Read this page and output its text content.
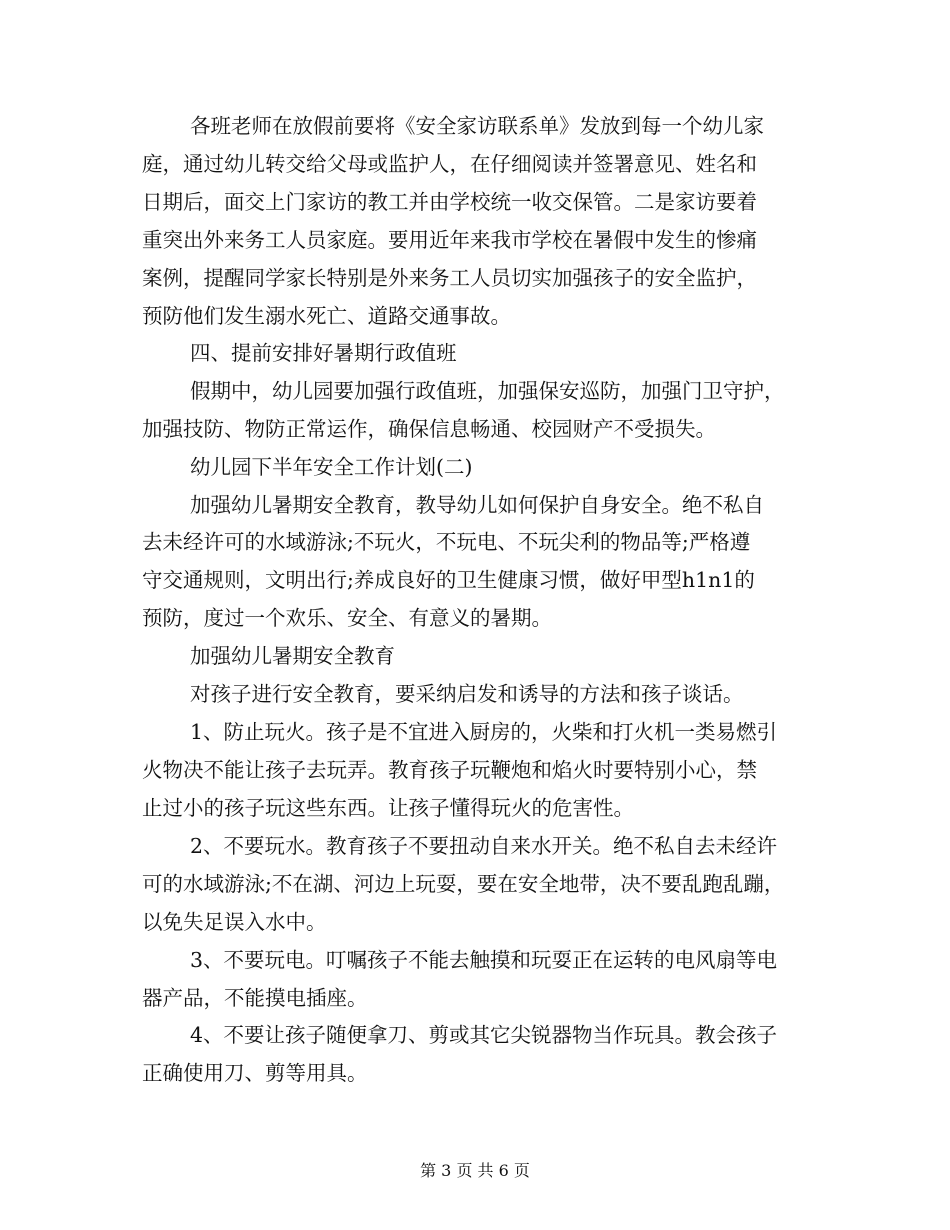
各班老师在放假前要将《安全家访联系单》发放到每一个幼儿家
庭，通过幼儿转交给父母或监护人，在仔细阅读并签署意见、姓名和
日期后，面交上门家访的教工并由学校统一收交保管。二是家访要着
重突出外来务工人员家庭。要用近年来我市学校在暑假中发生的惨痛
案例，提醒同学家长特别是外来务工人员切实加强孩子的安全监护，
预防他们发生溺水死亡、道路交通事故。
四、提前安排好暑期行政值班
假期中，幼儿园要加强行政值班，加强保安巡防，加强门卫守护，
加强技防、物防正常运作，确保信息畅通、校园财产不受损失。
幼儿园下半年安全工作计划(二)
加强幼儿暑期安全教育，教导幼儿如何保护自身安全。绝不私自
去未经许可的水域游泳;不玩火，不玩电、不玩尖利的物品等;严格遵
守交通规则，文明出行;养成良好的卫生健康习惯，做好甲型h1n1的
预防，度过一个欢乐、安全、有意义的暑期。
加强幼儿暑期安全教育
对孩子进行安全教育，要采纳启发和诱导的方法和孩子谈话。
1、防止玩火。孩子是不宜进入厨房的，火柴和打火机一类易燃引
火物决不能让孩子去玩弄。教育孩子玩鞭炮和焰火时要特别小心，禁
止过小的孩子玩这些东西。让孩子懂得玩火的危害性。
2、不要玩水。教育孩子不要扭动自来水开关。绝不私自去未经许
可的水域游泳;不在湖、河边上玩耍，要在安全地带，决不要乱跑乱蹦，
以免失足误入水中。
3、不要玩电。叮嘱孩子不能去触摸和玩耍正在运转的电风扇等电
器产品，不能摸电插座。
4、不要让孩子随便拿刀、剪或其它尖锐器物当作玩具。教会孩子
正确使用刀、剪等用具。
第 3 页 共 6 页
